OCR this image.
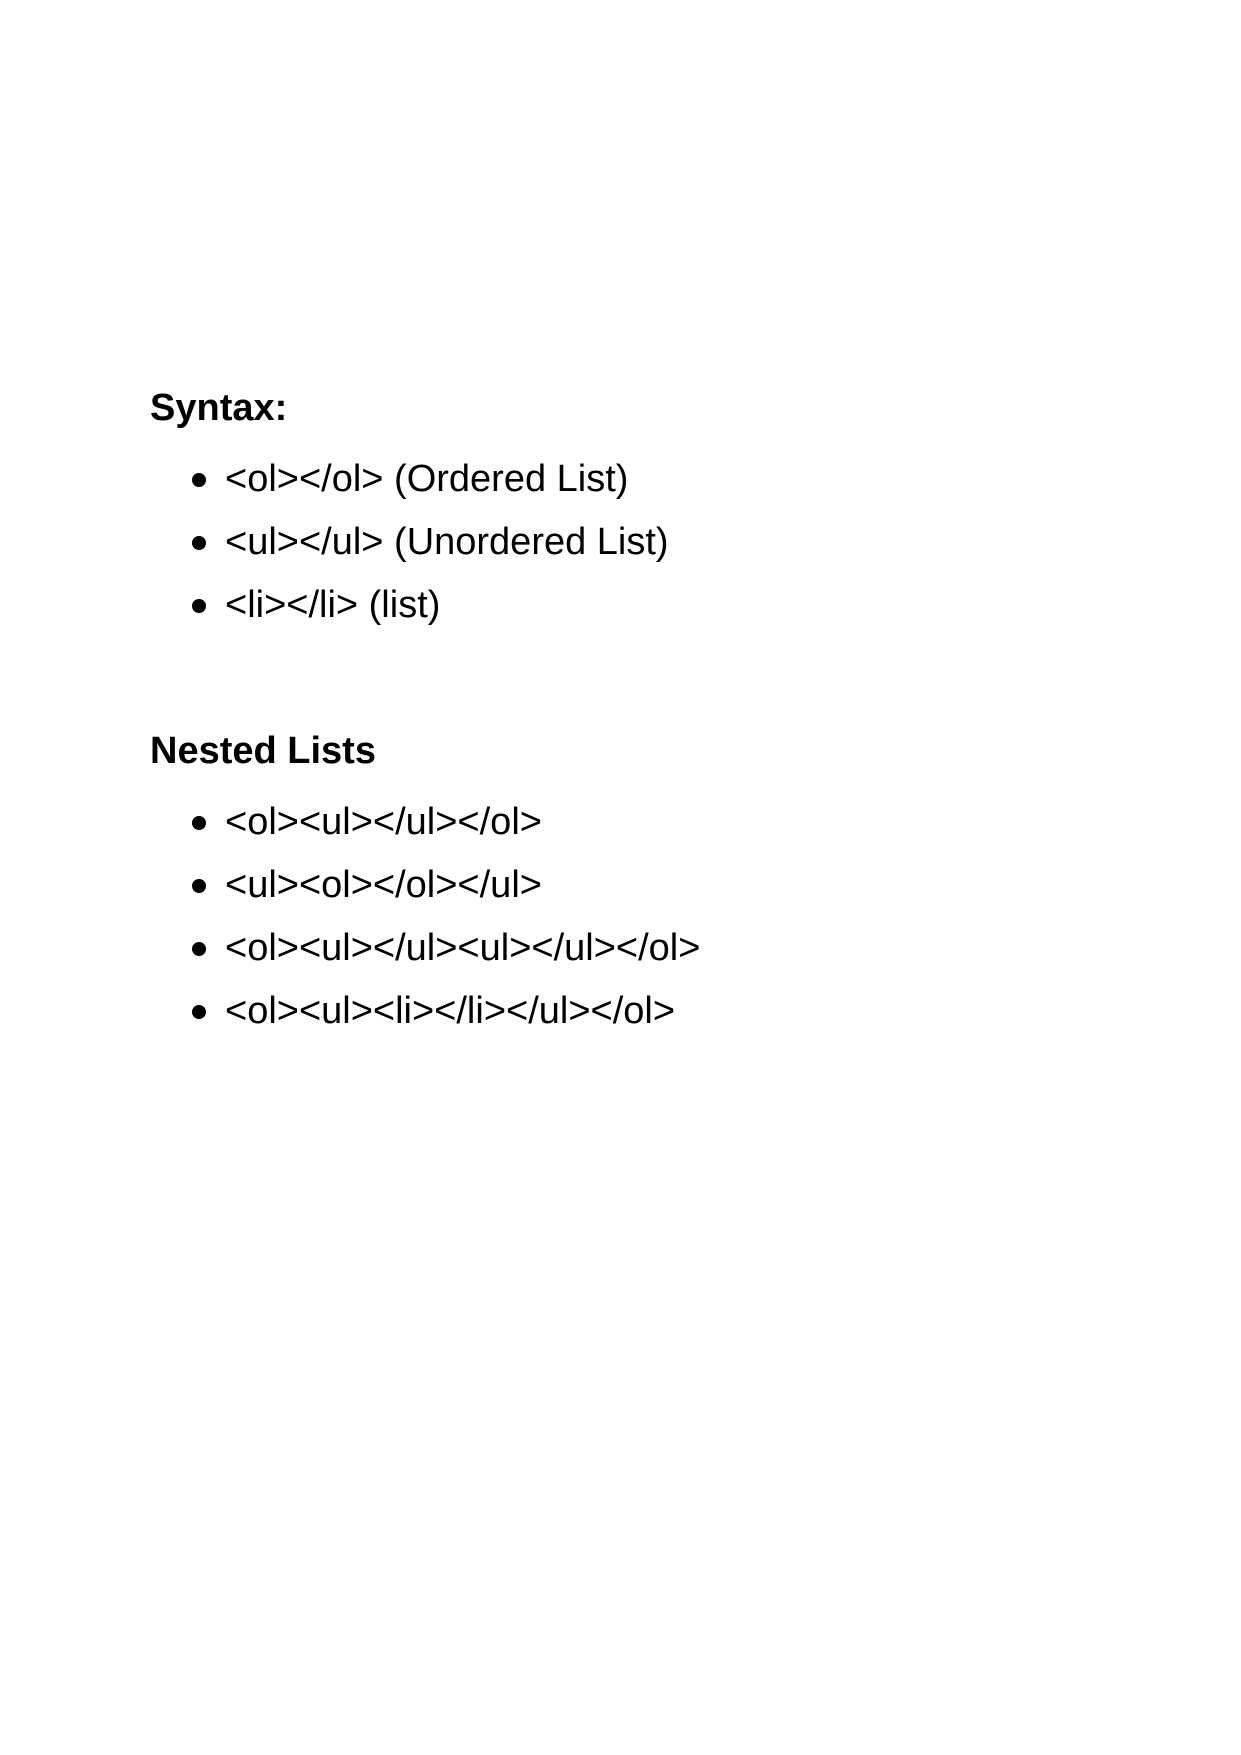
Syntax:
<ol></ol> (Ordered List)
<ul></ul> (Unordered List)
<li></li> (list)
Nested Lists
<ol><ul></ul></ol>
<ul><ol></ol></ul>
<ol><ul></ul><ul></ul></ol>
<ol><ul><li></li></ul></ol>
